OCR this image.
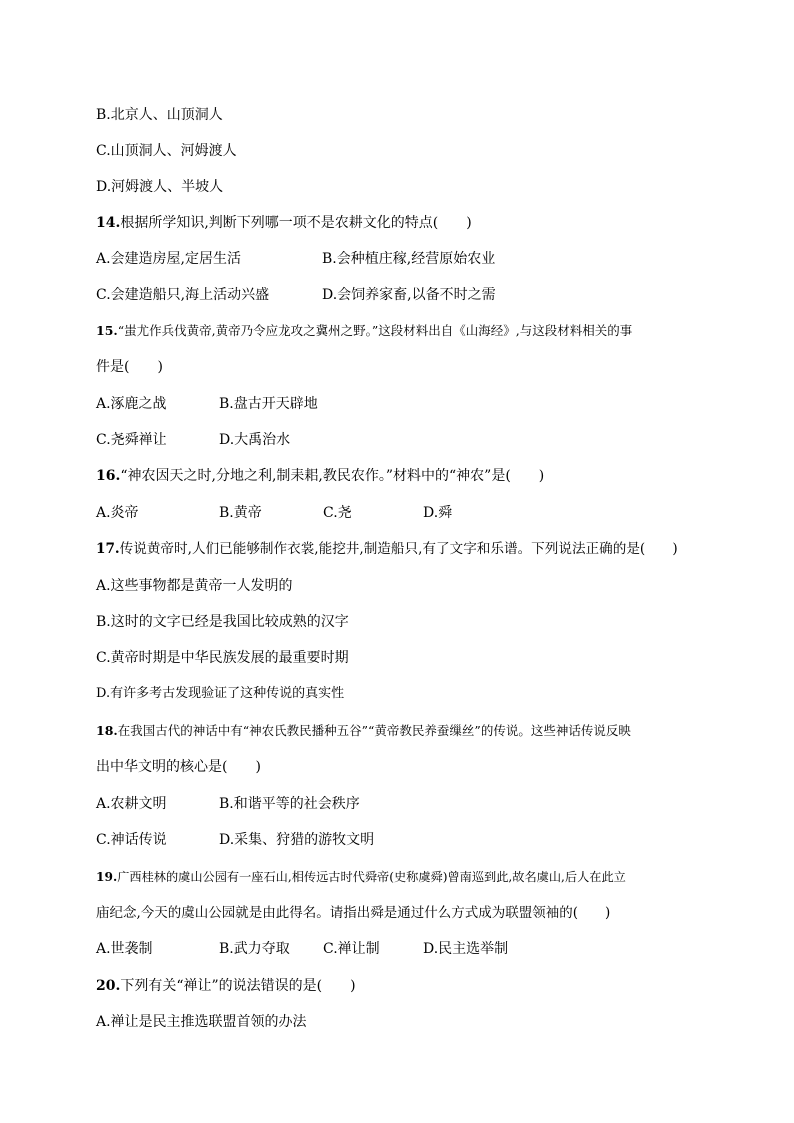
B.北京人、山顶洞人
C.山顶洞人、河姆渡人
D.河姆渡人、半坡人
14.根据所学知识,判断下列哪一项不是农耕文化的特点(　　)
A.会建造房屋,定居生活	B.会种植庄稼,经营原始农业
C.会建造船只,海上活动兴盛	D.会饲养家畜,以备不时之需
15.“蚩尤作兵伐黄帝,黄帝乃令应龙攻之冀州之野。”这段材料出自《山海经》,与这段材料相关的事
件是(　　)
A.涿鹿之战	B.盘古开天辟地
C.尧舜禅让	D.大禹治水
16.“神农因天之时,分地之利,制耒耜,教民农作。”材料中的“神农”是(　　)
A.炎帝	B.黄帝	C.尧	D.舜
17.传说黄帝时,人们已能够制作衣裳,能挖井,制造船只,有了文字和乐谱。下列说法正确的是(　　)
A.这些事物都是黄帝一人发明的
B.这时的文字已经是我国比较成熟的汉字
C.黄帝时期是中华民族发展的最重要时期
D.有许多考古发现验证了这种传说的真实性
18.在我国古代的神话中有“神农氏教民播种五谷”“黄帝教民养蚕缫丝”的传说。这些神话传说反映
出中华文明的核心是(　　)
A.农耕文明	B.和谐平等的社会秩序
C.神话传说	D.采集、狩猎的游牧文明
19.广西桂林的虞山公园有一座石山,相传远古时代舜帝(史称虞舜)曾南巡到此,故名虞山,后人在此立
庙纪念,今天的虞山公园就是由此得名。请指出舜是通过什么方式成为联盟领袖的(　　)
A.世袭制	B.武力夺取 C.禅让制	D.民主选举制
20.下列有关“禅让”的说法错误的是(　　)
A.禅让是民主推选联盟首领的办法
